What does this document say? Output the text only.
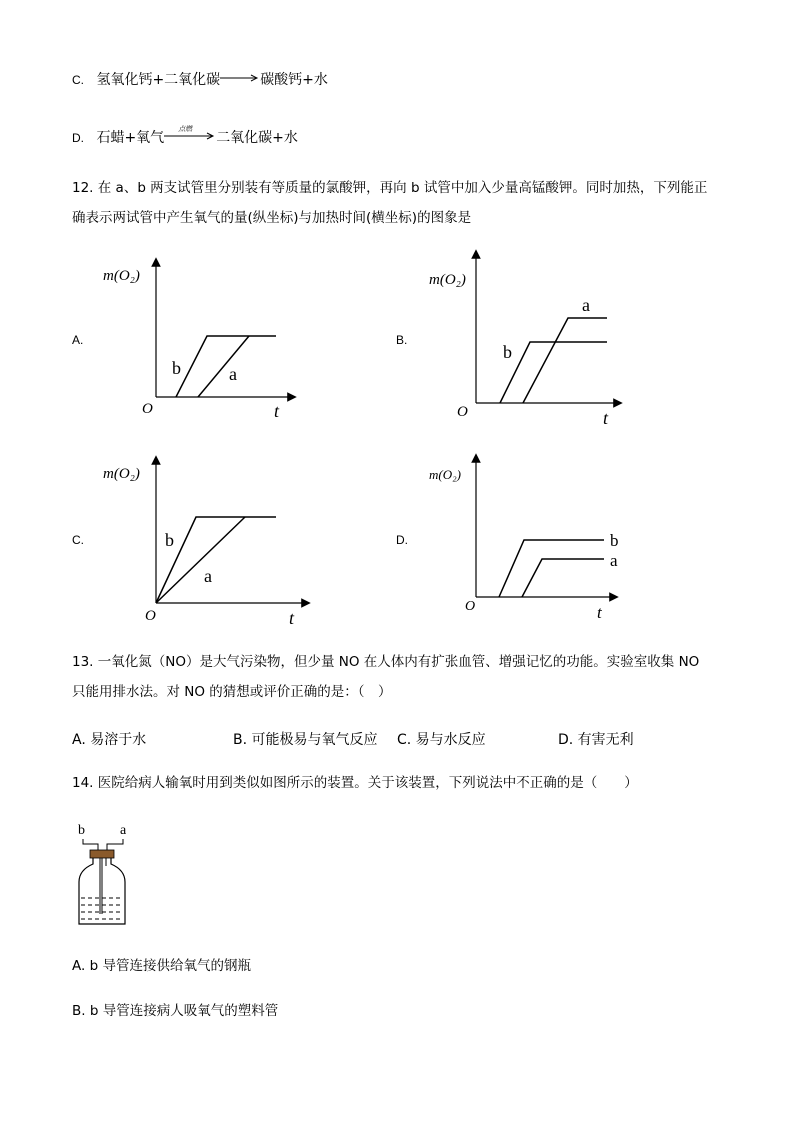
C. 氢氧化钙+二氧化碳→碳酸钙+水
D. 石蜡+氧气
点燃
二氧化碳+水
12. 在 a、b 两支试管里分别装有等质量的氯酸钾，再向 b 试管中加入少量高锰酸钾。同时加热，下列能正
确表示两试管中产生氧气的量(纵坐标)与加热时间(横坐标)的图象是
A.	B.
C.	D.
m(O₂)
t
O
b	a
m(O₂)
t
O
b
a
m(O₂)
t
O
b
a
m(O₂)
t
O
b
a
13. 一氧化氮（NO）是大气污染物，但少量 NO 在人体内有扩张血管、增强记忆的功能。实验室收集 NO
只能用排水法。对 NO 的猜想或评价正确的是：（　）
A. 易溶于水	B. 可能极易与氧气反应 C. 易与水反应	D. 有害无利
14. 医院给病人输氧时用到类似如图所示的装置。关于该装置，下列说法中不正确的是（　　）
b	a
A. b 导管连接供给氧气的钢瓶
B. b 导管连接病人吸氧气的塑料管
